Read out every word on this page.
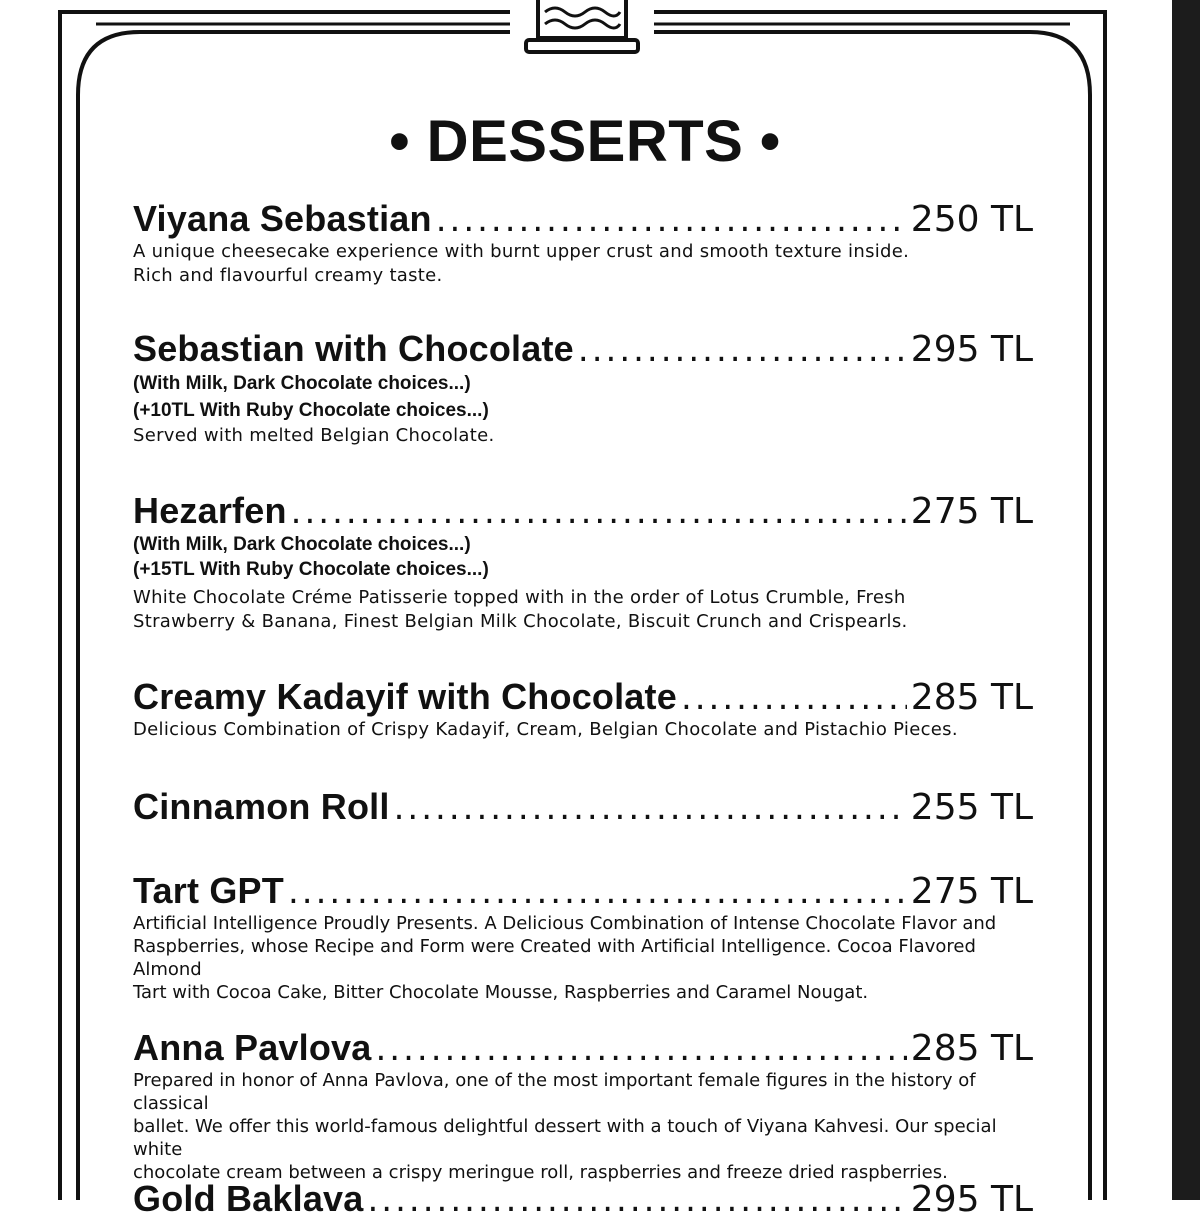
• DESSERTS •
Viyana Sebastian .....	250 TL
A unique cheesecake experience with burnt upper crust and smooth texture inside.
Rich and flavourful creamy taste.
Sebastian with Chocolate .....	295 TL
(With Milk, Dark Chocolate choices...)
(+10TL With Ruby Chocolate choices...)
Served with melted Belgian Chocolate.
Hezarfen .....	275 TL
(With Milk, Dark Chocolate choices...)
(+15TL With Ruby Chocolate choices...)
White Chocolate Créme Patisserie topped with in the order of Lotus Crumble, Fresh
Strawberry & Banana, Finest Belgian Milk Chocolate, Biscuit Crunch and Crispearls.
Creamy Kadayif with Chocolate .....	285 TL
Delicious Combination of Crispy Kadayif, Cream, Belgian Chocolate and Pistachio Pieces.
Cinnamon Roll .....	255 TL
Tart GPT .....	275 TL
Artificial Intelligence Proudly Presents. A Delicious Combination of Intense Chocolate Flavor and
Raspberries, whose Recipe and Form were Created with Artificial Intelligence. Cocoa Flavored Almond
Tart with Cocoa Cake, Bitter Chocolate Mousse, Raspberries and Caramel Nougat.
Anna Pavlova .....	285 TL
Prepared in honor of Anna Pavlova, one of the most important female figures in the history of classical
ballet. We offer this world-famous delightful dessert with a touch of Viyana Kahvesi. Our special white
chocolate cream between a crispy meringue roll, raspberries and freeze dried raspberries.
Gold Baklava .....	295 TL
